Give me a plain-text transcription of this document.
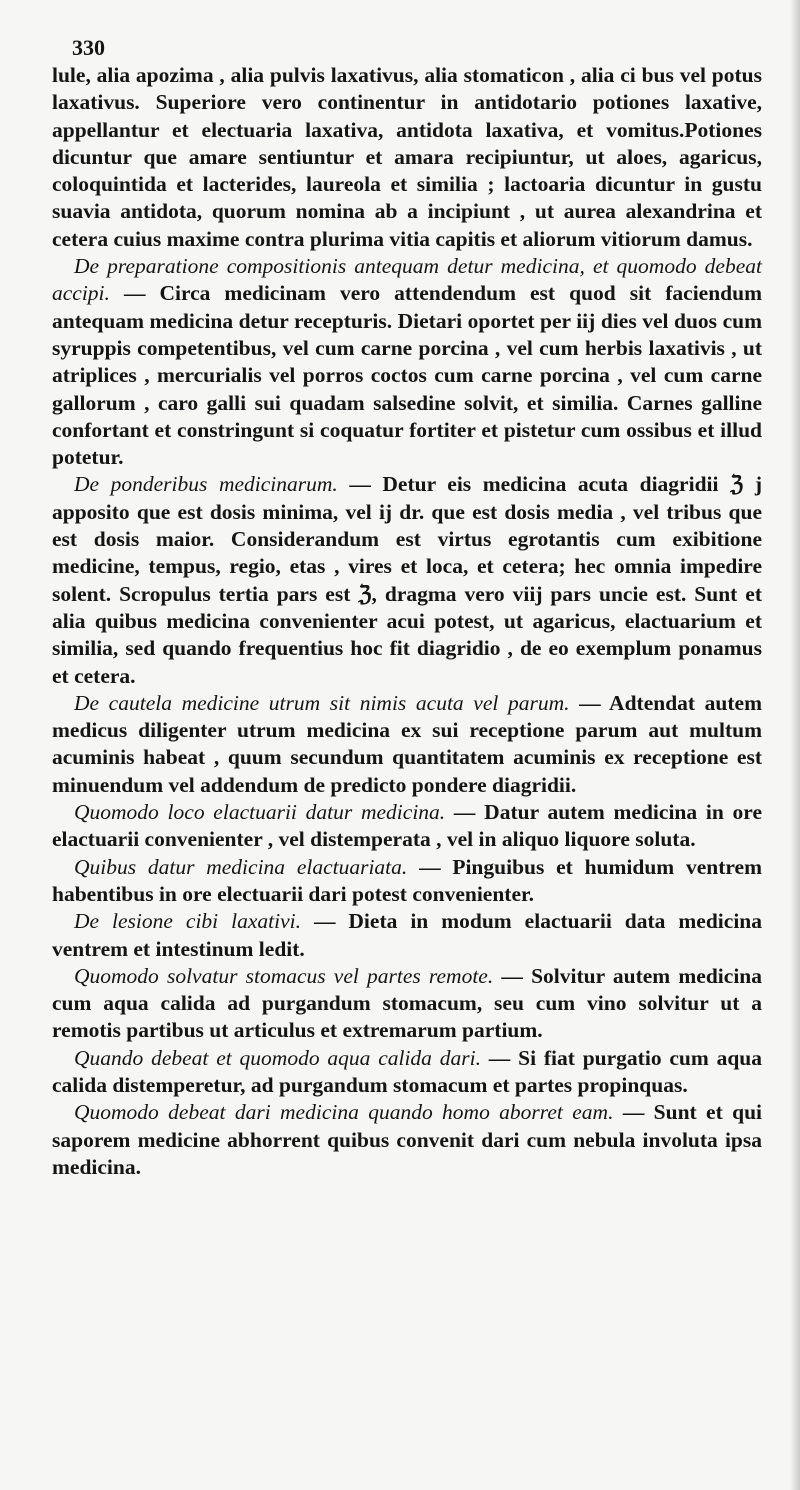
330

lule, alia apozima , alia pulvis laxativus, alia stomaticon , alia ci bus vel potus laxativus. Superiore vero continentur in antidotario potiones laxative, appellantur et electuaria laxativa, antidota laxativa, et vomitus.Potiones dicuntur que amare sentiuntur et amara recipiuntur, ut aloes, agaricus, coloquintida et lacterides, laureola et similia ; lactoaria dicuntur in gustu suavia antidota, quorum nomina ab a incipiunt , ut aurea alexandrina et cetera cuius maxime contra plurima vitia capitis et aliorum vitiorum damus.

De preparatione compositionis antequam detur medicina, et quomodo debeat accipi. — Circa medicinam vero attendendum est quod sit faciendum antequam medicina detur recepturis. Dietari oportet per iij dies vel duos cum syruppis competentibus, vel cum carne porcina , vel cum herbis laxativis , ut atriplices , mercurialis vel porros coctos cum carne porcina , vel cum carne gallorum , caro galli sui quadam salsedine solvit, et similia. Carnes galline confortant et constringunt si coquatur fortiter et pistetur cum ossibus et illud potetur.

De ponderibus medicinarum. — Detur eis medicina acuta diagridii ℨ j apposito que est dosis minima, vel ij dr. que est dosis media , vel tribus que est dosis maior. Considerandum est virtus egrotantis cum exibitione medicine, tempus, regio, etas , vires et loca, et cetera; hec omnia impedire solent. Scropulus tertia pars est ℨ, dragma vero viij pars uncie est. Sunt et alia quibus medicina convenienter acui potest, ut agaricus, elactuarium et similia, sed quando frequentius hoc fit diagridio , de eo exemplum ponamus et cetera.

De cautela medicine utrum sit nimis acuta vel parum. — Adtendat autem medicus diligenter utrum medicina ex sui receptione parum aut multum acuminis habeat , quum secundum quantitatem acuminis ex receptione est minuendum vel addendum de predicto pondere diagridii.

Quomodo loco elactuarii datur medicina. — Datur autem medicina in ore elactuarii convenienter , vel distemperata , vel in aliquo liquore soluta.

Quibus datur medicina elactuariata. — Pinguibus et humidum ventrem habentibus in ore electuarii dari potest convenienter.

De lesione cibi laxativi. — Dieta in modum elactuarii data medicina ventrem et intestinum ledit.

Quomodo solvatur stomacus vel partes remote. — Solvitur autem medicina cum aqua calida ad purgandum stomacum, seu cum vino solvitur ut a remotis partibus ut articulus et extremarum partium.

Quando debeat et quomodo aqua calida dari. — Si fiat purgatio cum aqua calida distemperetur, ad purgandum stomacum et partes propinquas.

Quomodo debeat dari medicina quando homo aborret eam. — Sunt et qui saporem medicine abhorrent quibus convenit dari cum nebula involuta ipsa medicina.
